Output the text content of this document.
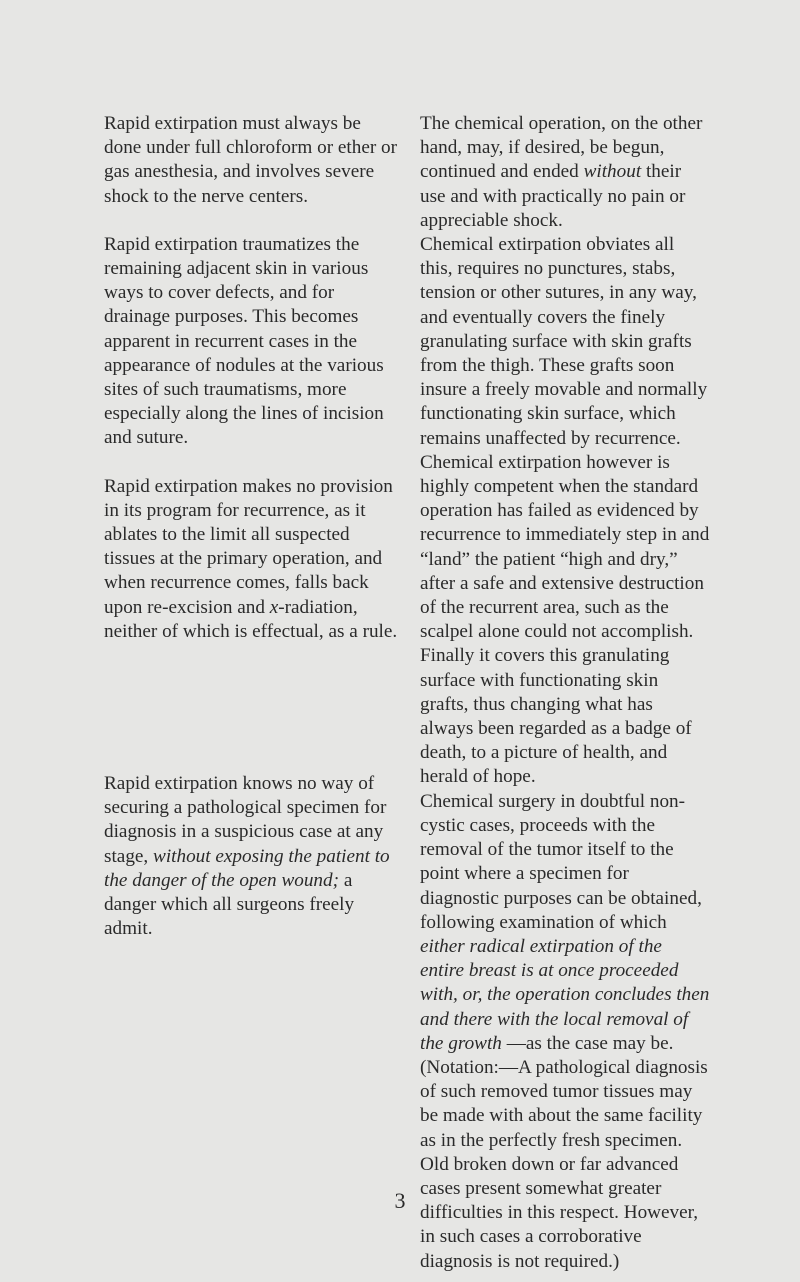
Rapid extirpation must always be done under full chloroform or ether or gas anesthesia, and involves severe shock to the nerve centers.

Rapid extirpation traumatizes the remaining adjacent skin in various ways to cover defects, and for drainage purposes. This becomes apparent in recurrent cases in the appearance of nodules at the various sites of such traumatisms, more especially along the lines of incision and suture.

Rapid extirpation makes no provision in its program for recurrence, as it ablates to the limit all suspected tissues at the primary operation, and when recurrence comes, falls back upon re-excision and x-radiation, neither of which is effectual, as a rule.

Rapid extirpation knows no way of securing a pathological specimen for diagnosis in a suspicious case at any stage, without exposing the patient to the danger of the open wound; a danger which all surgeons freely admit.

The chemical operation, on the other hand, may, if desired, be begun, continued and ended without their use and with practically no pain or appreciable shock.

Chemical extirpation obviates all this, requires no punctures, stabs, tension or other sutures, in any way, and eventually covers the finely granulating surface with skin grafts from the thigh. These grafts soon insure a freely movable and normally functionating skin surface, which remains unaffected by recurrence.

Chemical extirpation however is highly competent when the standard operation has failed as evidenced by recurrence to immediately step in and “land” the patient “high and dry,” after a safe and extensive destruction of the recurrent area, such as the scalpel alone could not accomplish. Finally it covers this granulating surface with functionating skin grafts, thus changing what has always been regarded as a badge of death, to a picture of health, and herald of hope.

Chemical surgery in doubtful non-cystic cases, proceeds with the removal of the tumor itself to the point where a specimen for diagnostic purposes can be obtained, following examination of which either radical extirpation of the entire breast is at once proceeded with, or, the operation concludes then and there with the local removal of the growth —as the case may be. (Notation:—A pathological diagnosis of such removed tumor tissues may be made with about the same facility as in the perfectly fresh specimen. Old broken down or far advanced cases present somewhat greater difficulties in this respect. However, in such cases a corroborative diagnosis is not required.)

3
